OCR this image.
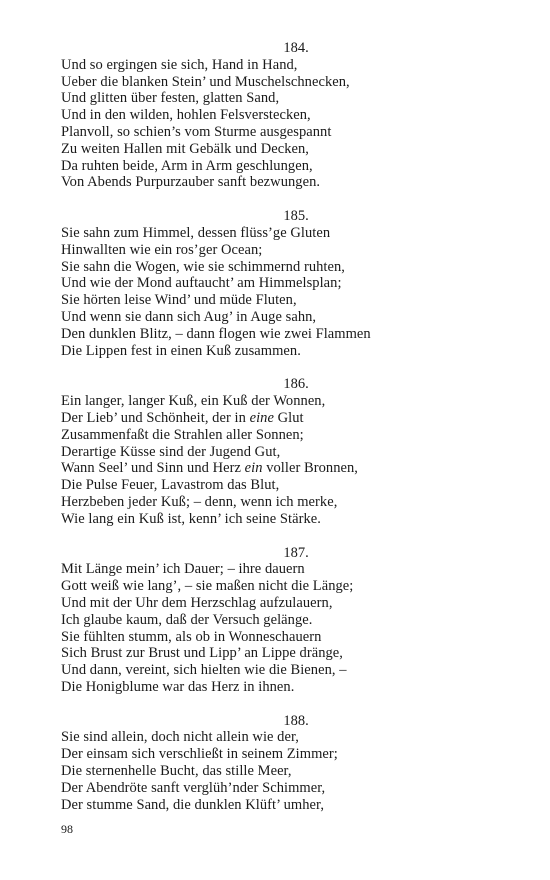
184.
Und so ergingen sie sich, Hand in Hand,
Ueber die blanken Stein’ und Muschelschnecken,
Und glitten über festen, glatten Sand,
Und in den wilden, hohlen Felsverstecken,
Planvoll, so schien’s vom Sturme ausgespannt
Zu weiten Hallen mit Gebälk und Decken,
Da ruhten beide, Arm in Arm geschlungen,
Von Abends Purpurzauber sanft bezwungen.
185.
Sie sahn zum Himmel, dessen flüss’ge Gluten
Hinwallten wie ein ros’ger Ocean;
Sie sahn die Wogen, wie sie schimmernd ruhten,
Und wie der Mond auftaucht’ am Himmelsplan;
Sie hörten leise Wind’ und müde Fluten,
Und wenn sie dann sich Aug’ in Auge sahn,
Den dunklen Blitz, – dann flogen wie zwei Flammen
Die Lippen fest in einen Kuß zusammen.
186.
Ein langer, langer Kuß, ein Kuß der Wonnen,
Der Lieb’ und Schönheit, der in eine Glut
Zusammenfaßt die Strahlen aller Sonnen;
Derartige Küsse sind der Jugend Gut,
Wann Seel’ und Sinn und Herz ein voller Bronnen,
Die Pulse Feuer, Lavastrom das Blut,
Herzbeben jeder Kuß; – denn, wenn ich merke,
Wie lang ein Kuß ist, kenn’ ich seine Stärke.
187.
Mit Länge mein’ ich Dauer; – ihre dauern
Gott weiß wie lang’, – sie maßen nicht die Länge;
Und mit der Uhr dem Herzschlag aufzulauern,
Ich glaube kaum, daß der Versuch gelänge.
Sie fühlten stumm, als ob in Wonneschauern
Sich Brust zur Brust und Lipp’ an Lippe dränge,
Und dann, vereint, sich hielten wie die Bienen, –
Die Honigblume war das Herz in ihnen.
188.
Sie sind allein, doch nicht allein wie der,
Der einsam sich verschließt in seinem Zimmer;
Die sternenhelle Bucht, das stille Meer,
Der Abendröte sanft verglüh’nder Schimmer,
Der stumme Sand, die dunklen Klüft’ umher,
98
